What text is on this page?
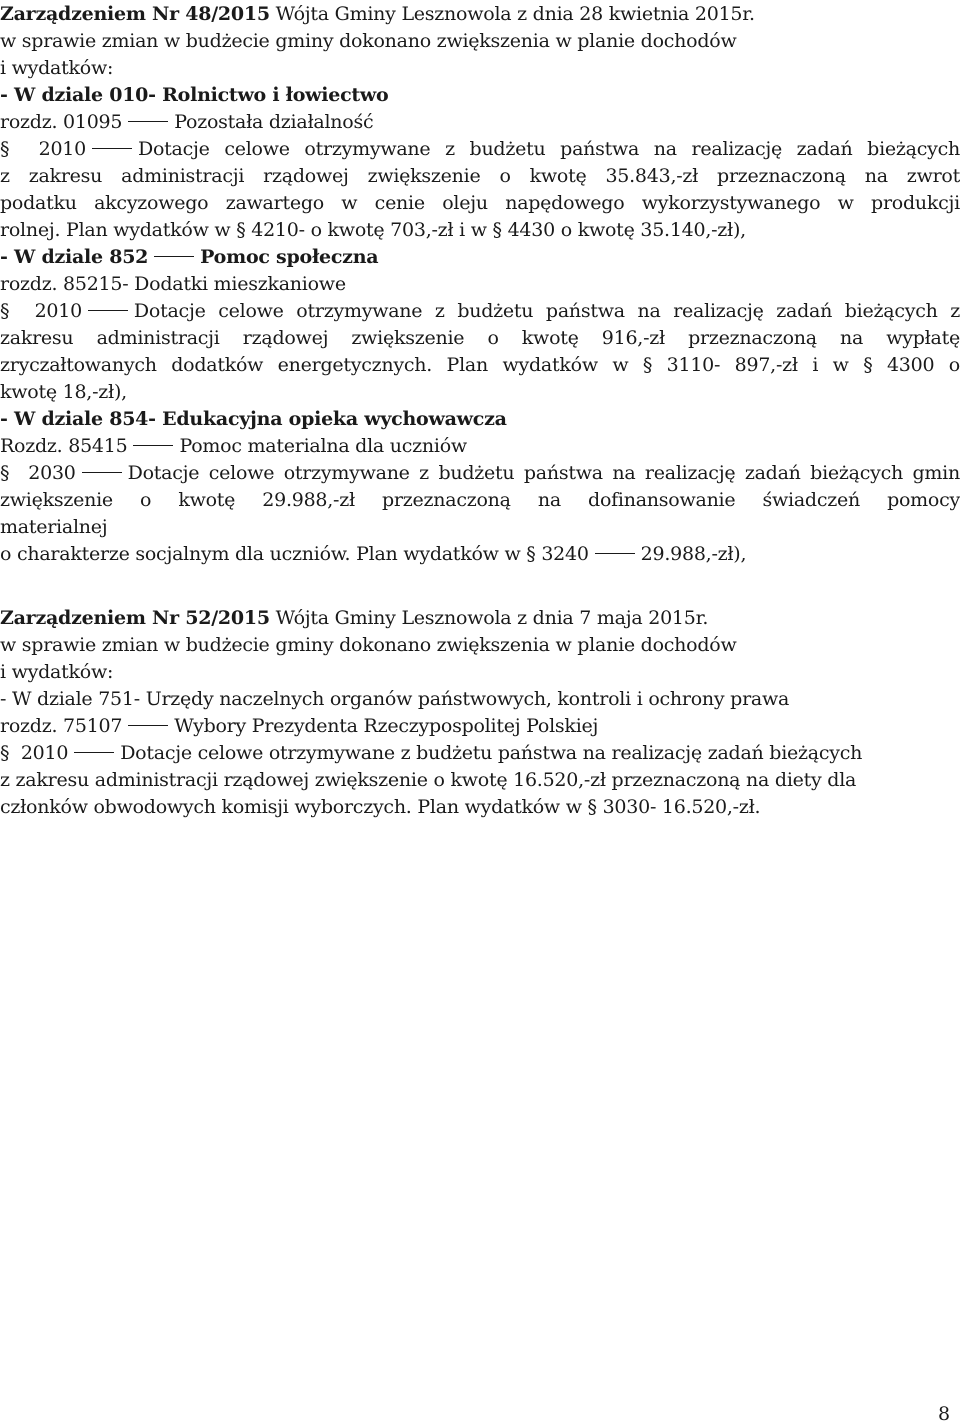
Zarządzeniem Nr 48/2015 Wójta Gminy Lesznowola z dnia 28 kwietnia 2015r.
w sprawie zmian w budżecie gminy dokonano zwiększenia w planie dochodów
i wydatków:
- W dziale 010- Rolnictwo i łowiectwo
rozdz. 01095	Pozostała działalność
§ 2010	Dotacje celowe otrzymywane z budżetu państwa na realizację zadań bieżących
z zakresu administracji rządowej zwiększenie o kwotę 35.843,-zł przeznaczoną na zwrot
podatku akcyzowego zawartego w cenie oleju napędowego wykorzystywanego w produkcji
rolnej. Plan wydatków w § 4210- o kwotę 703,-zł i w § 4430 o kwotę 35.140,-zł),
- W dziale 852	Pomoc społeczna
rozdz. 85215- Dodatki mieszkaniowe
§ 2010	Dotacje celowe otrzymywane z budżetu państwa na realizację zadań bieżących z
zakresu administracji rządowej zwiększenie o kwotę 916,-zł przeznaczoną na wypłatę
zryczałtowanych dodatków energetycznych. Plan wydatków w § 3110- 897,-zł i w § 4300 o
kwotę 18,-zł),
- W dziale 854- Edukacyjna opieka wychowawcza
Rozdz. 85415	Pomoc materialna dla uczniów
§ 2030	Dotacje celowe otrzymywane z budżetu państwa na realizację zadań bieżących gmin
zwiększenie o kwotę 29.988,-zł przeznaczoną na dofinansowanie świadczeń pomocy
materialnej
o charakterze socjalnym dla uczniów. Plan wydatków w § 3240	29.988,-zł),
Zarządzeniem Nr 52/2015 Wójta Gminy Lesznowola z dnia 7 maja 2015r.
w sprawie zmian w budżecie gminy dokonano zwiększenia w planie dochodów
i wydatków:
- W dziale 751- Urzędy naczelnych organów państwowych, kontroli i ochrony prawa
rozdz. 75107	Wybory Prezydenta Rzeczypospolitej Polskiej
§ 2010	Dotacje celowe otrzymywane z budżetu państwa na realizację zadań bieżących
z zakresu administracji rządowej zwiększenie o kwotę 16.520,-zł przeznaczoną na diety dla
członków obwodowych komisji wyborczych. Plan wydatków w § 3030- 16.520,-zł.
8
